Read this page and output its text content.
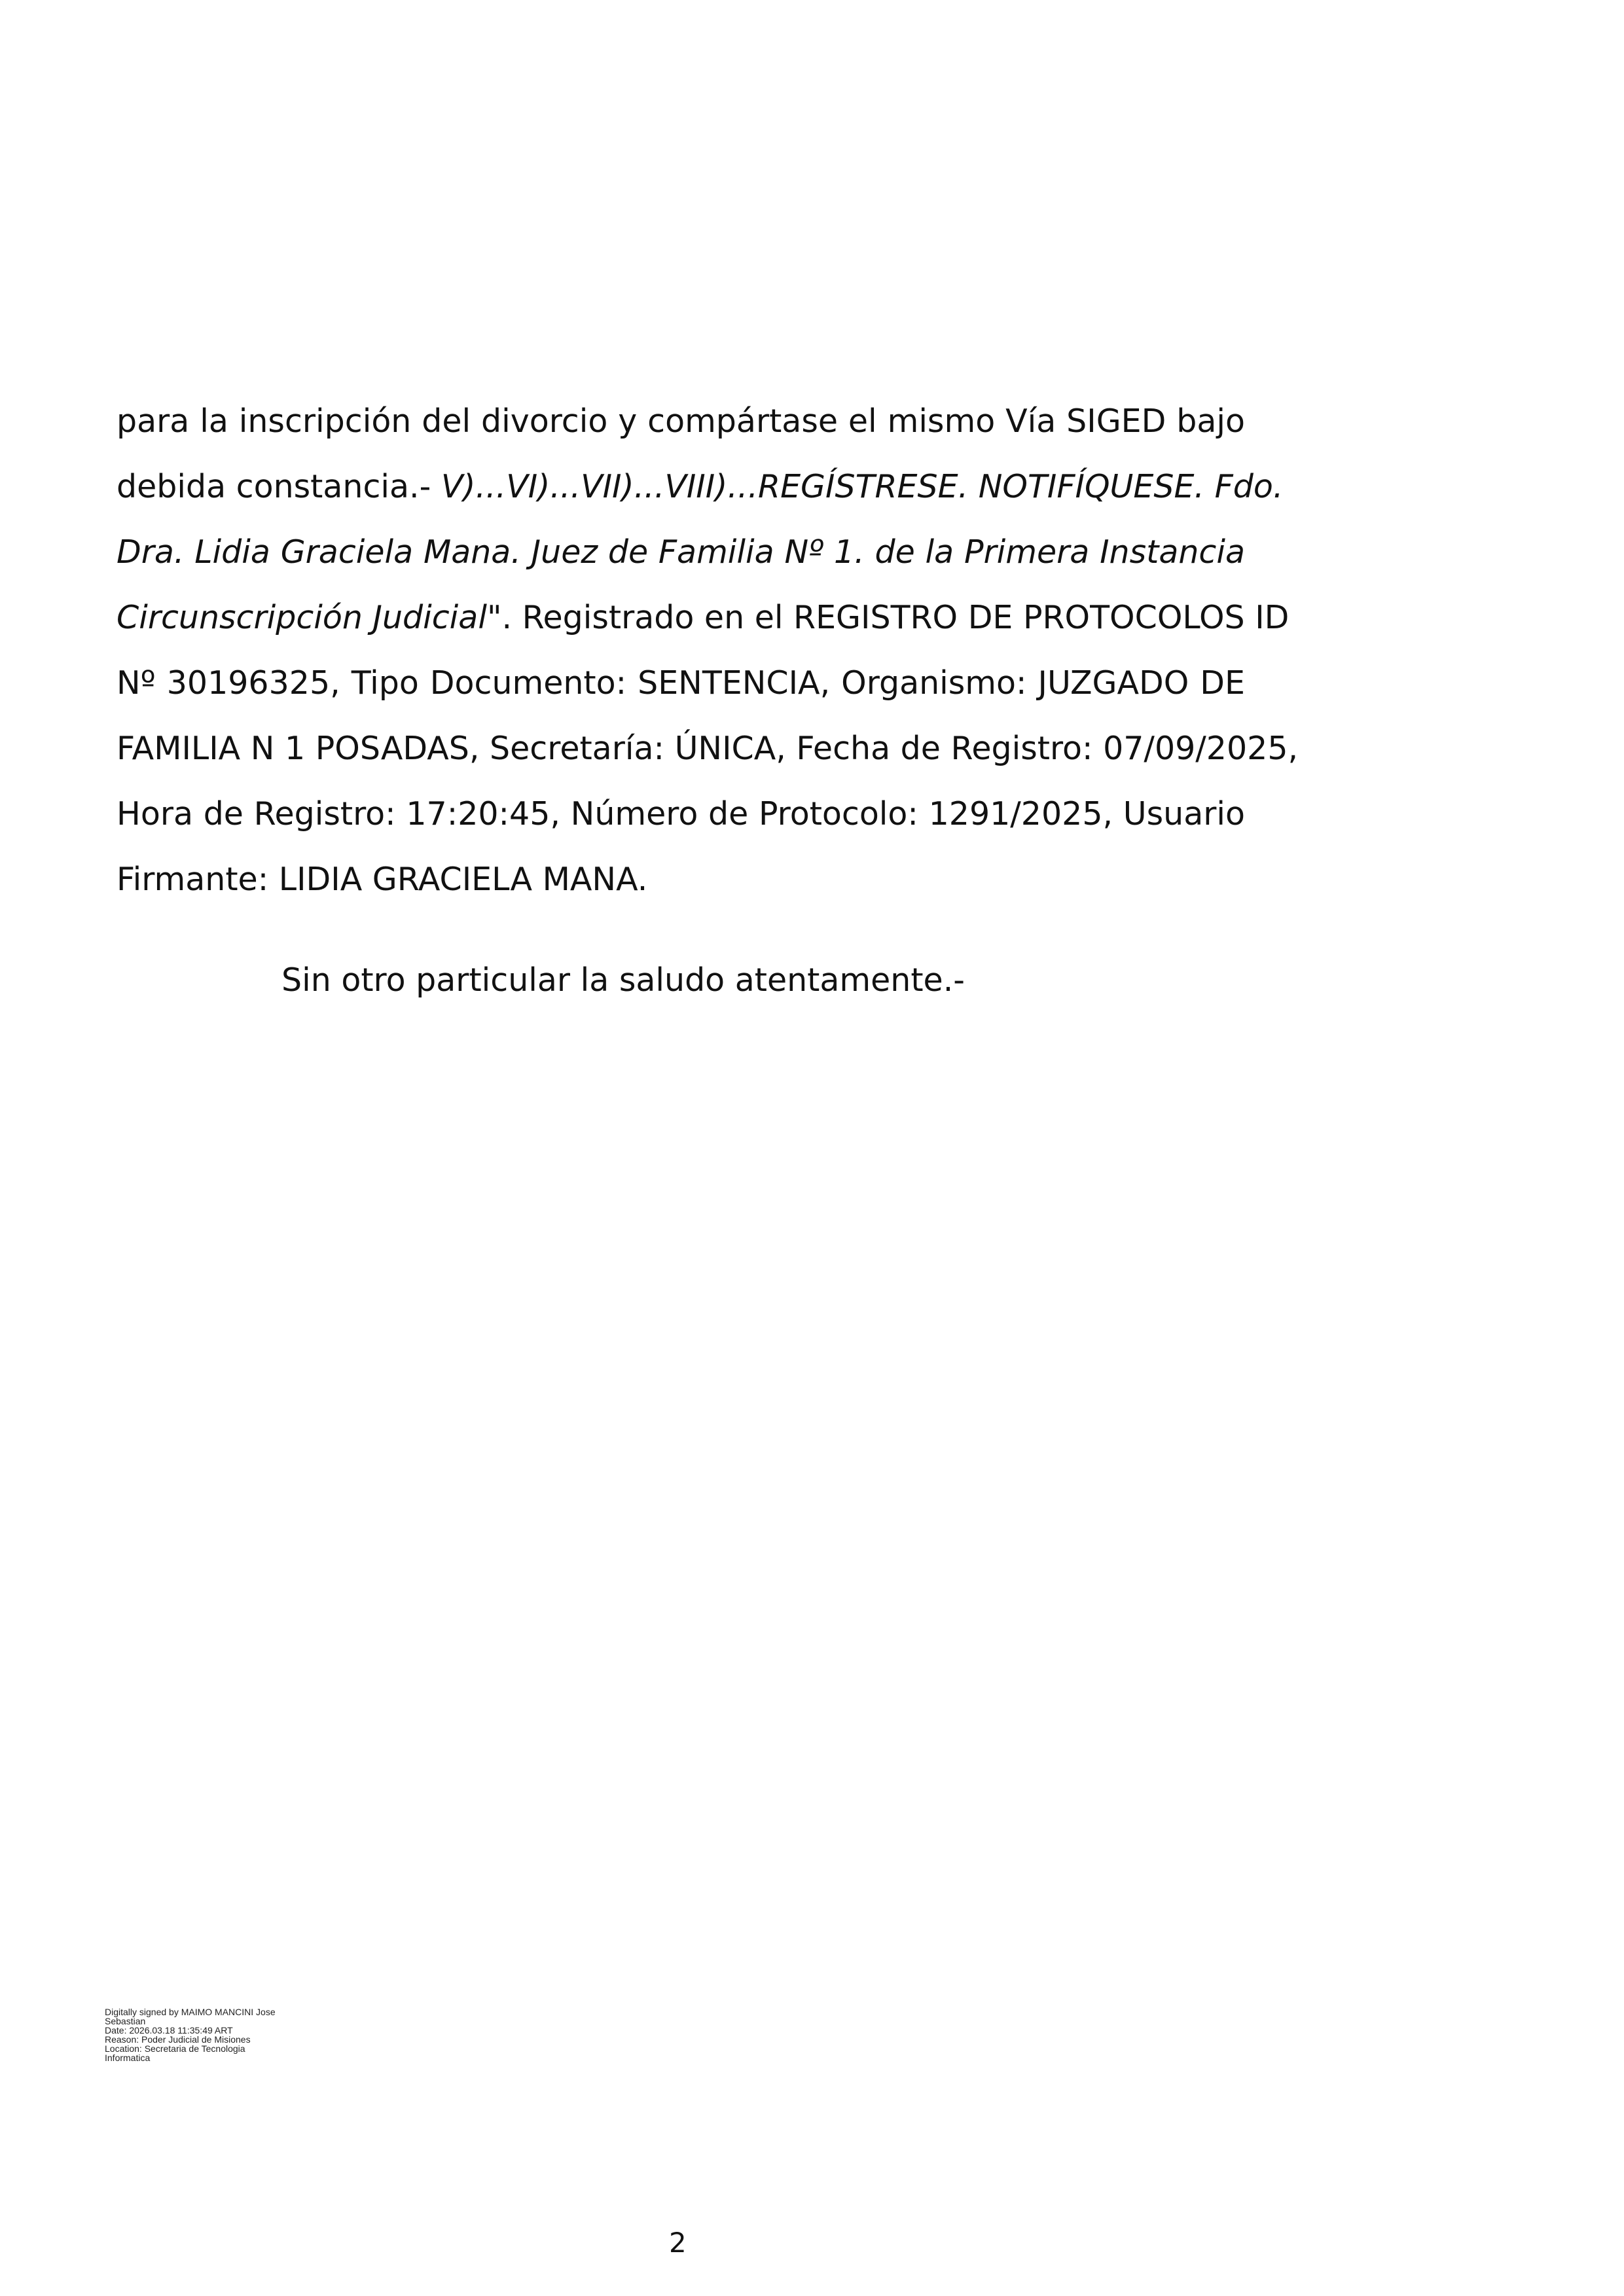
para la inscripción del divorcio y compártase el mismo Vía SIGED bajo
debida constancia.- V)...VI)...VII)...VIII)...REGÍSTRESE. NOTIFÍQUESE. Fdo.
Dra. Lidia Graciela Mana. Juez de Familia Nº 1. de la Primera Instancia
Circunscripción Judicial". Registrado en el REGISTRO DE PROTOCOLOS ID
Nº 30196325, Tipo Documento: SENTENCIA, Organismo: JUZGADO DE
FAMILIA N 1 POSADAS, Secretaría: ÚNICA, Fecha de Registro: 07/09/2025,
Hora de Registro: 17:20:45, Número de Protocolo: 1291/2025, Usuario
Firmante: LIDIA GRACIELA MANA.
Sin otro particular la saludo atentamente.-
Digitally signed by MAIMO MANCINI Jose
Sebastian
Date: 2026.03.18 11:35:49 ART
Reason: Poder Judicial de Misiones
Location: Secretaria de Tecnologia
Informatica
2
